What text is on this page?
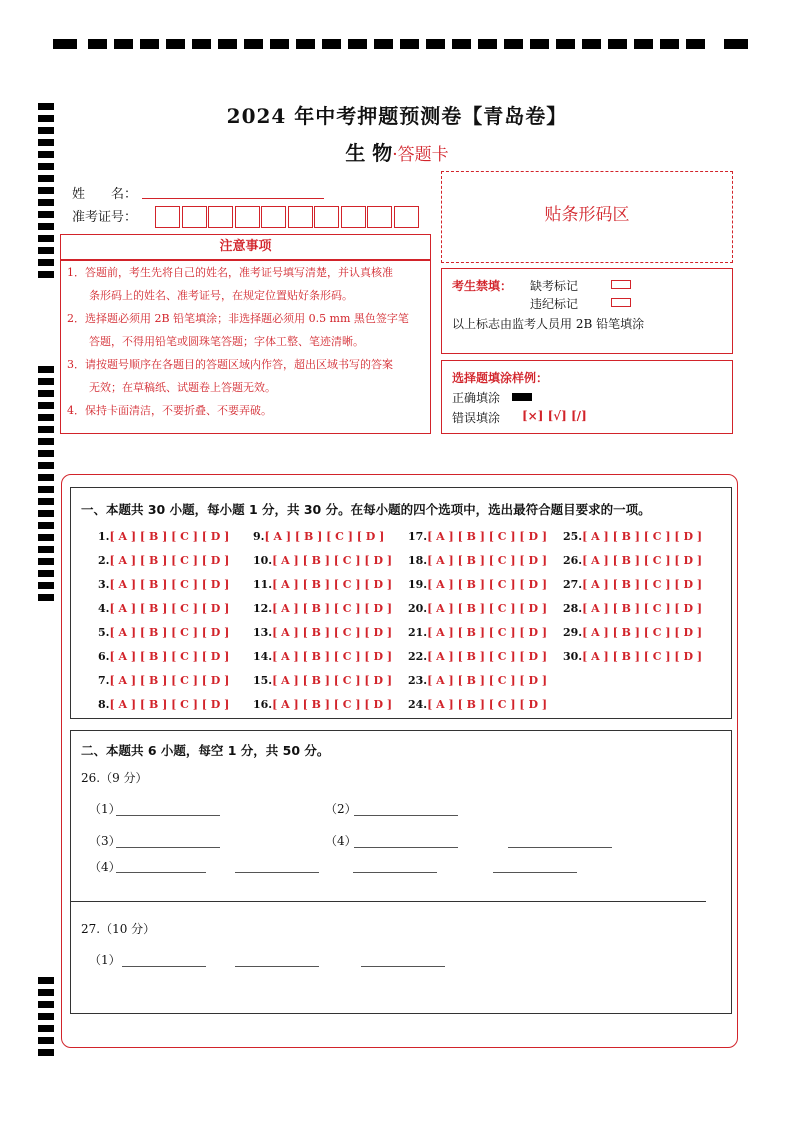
2024 年中考押题预测卷【青岛卷】
生 物·答题卡
姓　　名：
准考证号：
注意事项
1．答题前，考生先将自己的姓名，准考证号填写清楚，并认真核准
　　条形码上的姓名、准考证号，在规定位置贴好条形码。
2．选择题必须用 2B 铅笔填涂；非选择题必须用 0.5 mm 黑色签字笔
　　答题，不得用铅笔或圆珠笔答题；字体工整、笔迹清晰。
3．请按题号顺序在各题目的答题区域内作答，超出区域书写的答案
　　无效；在草稿纸、试题卷上答题无效。
4．保持卡面清洁，不要折叠、不要弄破。
贴条形码区
考生禁填： 缺考标记
违纪标记
以上标志由监考人员用 2B 铅笔填涂
选择题填涂样例：
正确填涂
错误填涂 [×] [√] [/]
一、本题共 30 小题，每小题 1 分，共 30 分。在每小题的四个选项中，选出最符合题目要求的一项。
1.[ A ] [ B ] [ C ] [ D ]
2.[ A ] [ B ] [ C ] [ D ]
3.[ A ] [ B ] [ C ] [ D ]
4.[ A ] [ B ] [ C ] [ D ]
5.[ A ] [ B ] [ C ] [ D ]
6.[ A ] [ B ] [ C ] [ D ]
7.[ A ] [ B ] [ C ] [ D ]
8.[ A ] [ B ] [ C ] [ D ]
9.[ A ] [ B ] [ C ] [ D ]
10.[ A ] [ B ] [ C ] [ D ]
11.[ A ] [ B ] [ C ] [ D ]
12.[ A ] [ B ] [ C ] [ D ]
13.[ A ] [ B ] [ C ] [ D ]
14.[ A ] [ B ] [ C ] [ D ]
15.[ A ] [ B ] [ C ] [ D ]
16.[ A ] [ B ] [ C ] [ D ]
17.[ A ] [ B ] [ C ] [ D ]
18.[ A ] [ B ] [ C ] [ D ]
19.[ A ] [ B ] [ C ] [ D ]
20.[ A ] [ B ] [ C ] [ D ]
21.[ A ] [ B ] [ C ] [ D ]
22.[ A ] [ B ] [ C ] [ D ]
23.[ A ] [ B ] [ C ] [ D ]
24.[ A ] [ B ] [ C ] [ D ]
25.[ A ] [ B ] [ C ] [ D ]
26.[ A ] [ B ] [ C ] [ D ]
27.[ A ] [ B ] [ C ] [ D ]
28.[ A ] [ B ] [ C ] [ D ]
29.[ A ] [ B ] [ C ] [ D ]
30.[ A ] [ B ] [ C ] [ D ]
二、本题共 6 小题，每空 1 分，共 50 分。
26.（9 分）
（1）	（2）
（3）	（4）
（4）
27.（10 分）
（1）
